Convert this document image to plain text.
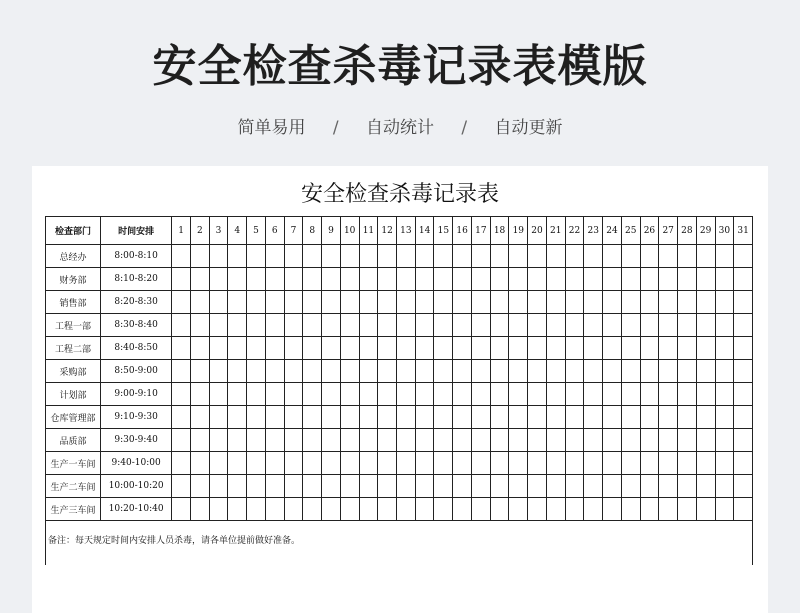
安全检查杀毒记录表模版
简单易用 / 自动统计 / 自动更新
安全检查杀毒记录表
检查部门	时间安排	1	2	3	4	5	6	7	8	9	10	11	12	13	14	15	16	17	18	19	20	21	22	23	24	25	26	27	28	29	30	31
总经办	8:00-8:10																															
财务部	8:10-8:20																															
销售部	8:20-8:30																															
工程一部	8:30-8:40																															
工程二部	8:40-8:50																															
采购部	8:50-9:00																															
计划部	9:00-9:10																															
仓库管理部	9:10-9:30																															
品质部	9:30-9:40																															
生产一车间	9:40-10:00																															
生产二车间	10:00-10:20																															
生产三车间	10:20-10:40																															
备注：每天规定时间内安排人员杀毒，请各单位提前做好准备。																																
